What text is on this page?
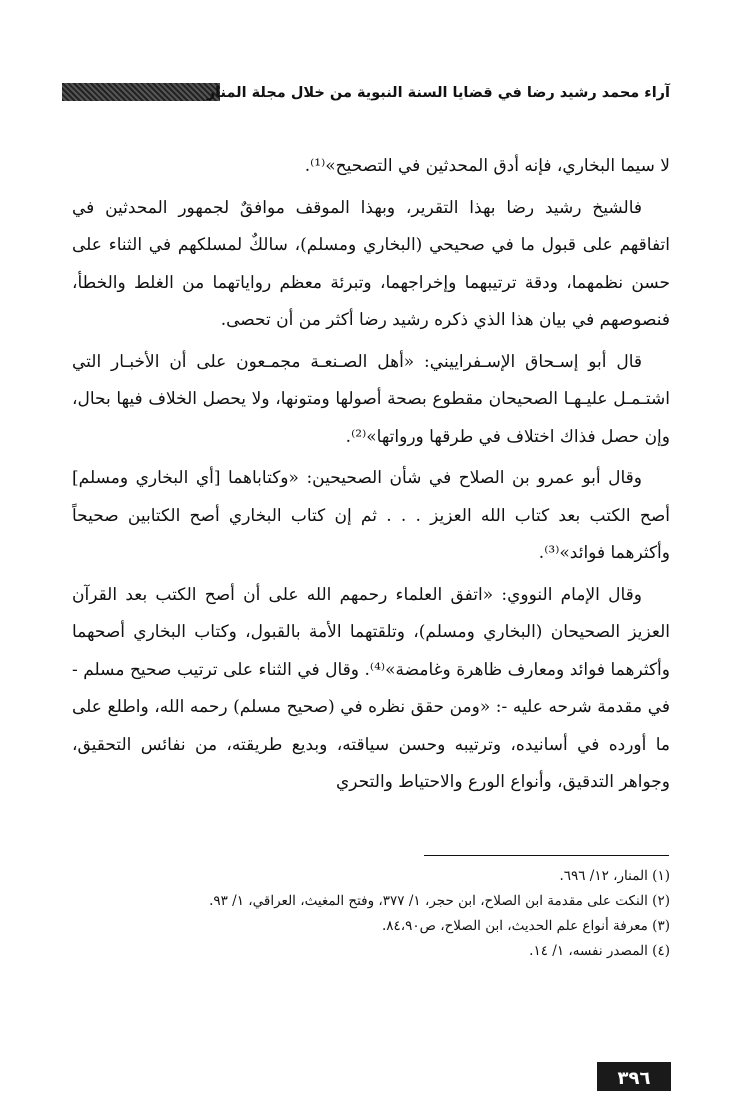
آراء محمد رشيد رضا في قضايا السنة النبوية من خلال مجلة المنار

لا سيما البخاري، فإنه أدق المحدثين في التصحيح»⁽¹⁾.

فالشيخ رشيد رضا بهذا التقرير، وبهذا الموقف موافقٌ لجمهور المحدثين في اتفاقهم على قبول ما في صحيحي (البخاري ومسلم)، سالكٌ لمسلكهم في الثناء على حسن نظمهما، ودقة ترتيبهما وإخراجهما، وتبرئة معظم رواياتهما من الغلط والخطأ، فنصوصهم في بيان هذا الذي ذكره رشيد رضا أكثر من أن تحصى.

قال أبو إسـحاق الإسـفراييني: «أهل الصـنعـة مجمـعون على أن الأخبـار التي اشتـمـل عليـهـا الصحيحان مقطوع بصحة أصولها ومتونها، ولا يحصل الخلاف فيها بحال، وإن حصل فذاك اختلاف في طرقها ورواتها»⁽²⁾.

وقال أبو عمرو بن الصلاح في شأن الصحيحين: «وكتاباهما [أي البخاري ومسلم] أصح الكتب بعد كتاب الله العزيز . . . ثم إن كتاب البخاري أصح الكتابين صحيحاً وأكثرهما فوائد»⁽³⁾.

وقال الإمام النووي: «اتفق العلماء رحمهم الله على أن أصح الكتب بعد القرآن العزيز الصحيحان (البخاري ومسلم)، وتلقتهما الأمة بالقبول، وكتاب البخاري أصحهما وأكثرهما فوائد ومعارف ظاهرة وغامضة»⁽⁴⁾. وقال في الثناء على ترتيب صحيح مسلم - في مقدمة شرحه عليه -: «ومن حقق نظره في (صحيح مسلم) رحمه الله، واطلع على ما أورده في أسانيده، وترتيبه وحسن سياقته، وبديع طريقته، من نفائس التحقيق، وجواهر التدقيق، وأنواع الورع والاحتياط والتحري

(١) المنار، ١٢/ ٦٩٦.

(٢) النكت على مقدمة ابن الصلاح، ابن حجر، ١/ ٣٧٧، وفتح المغيث، العراقي، ١/ ٩٣.

(٣) معرفة أنواع علم الحديث، ابن الصلاح، ص٨٤،٩٠.

(٤) المصدر نفسه، ١/ ١٤.

٣٩٦
